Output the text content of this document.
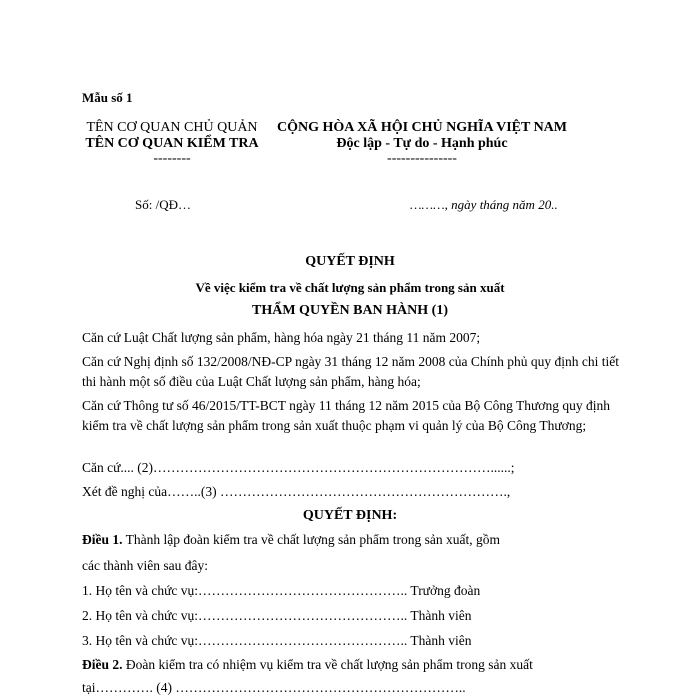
Mẫu số 1
TÊN CƠ QUAN CHỦ QUẢN
TÊN CƠ QUAN KIỂM TRA
--------
CỘNG HÒA XÃ HỘI CHỦ NGHĨA VIỆT NAM
Độc lập - Tự do - Hạnh phúc
---------------
Số: /QĐ…	………, ngày tháng năm 20..
QUYẾT ĐỊNH
Về việc kiểm tra về chất lượng sản phẩm trong sản xuất
THẨM QUYỀN BAN HÀNH (1)
Căn cứ Luật Chất lượng sản phẩm, hàng hóa ngày 21 tháng 11 năm 2007;
Căn cứ Nghị định số 132/2008/NĐ-CP ngày 31 tháng 12 năm 2008 của Chính phủ quy định chi tiết thi hành một số điều của Luật Chất lượng sản phẩm, hàng hóa;
Căn cứ Thông tư số 46/2015/TT-BCT ngày 11 tháng 12 năm 2015 của Bộ Công Thương quy định kiểm tra về chất lượng sản phẩm trong sản xuất thuộc phạm vi quản lý của Bộ Công Thương;
Căn cứ.... (2)…………………………………………………………………......;
Xét đề nghị của……..(3) ……………………………………………………….,
QUYẾT ĐỊNH:
Điều 1. Thành lập đoàn kiểm tra về chất lượng sản phẩm trong sản xuất, gồm
các thành viên sau đây:
1. Họ tên và chức vụ:……………………………………….. Trưởng đoàn
2. Họ tên và chức vụ:……………………………………….. Thành viên
3. Họ tên và chức vụ:……………………………………….. Thành viên
Điều 2. Đoàn kiểm tra có nhiệm vụ kiểm tra về chất lượng sản phẩm trong sản xuất
tại…………. (4) ………………………………………………………..
